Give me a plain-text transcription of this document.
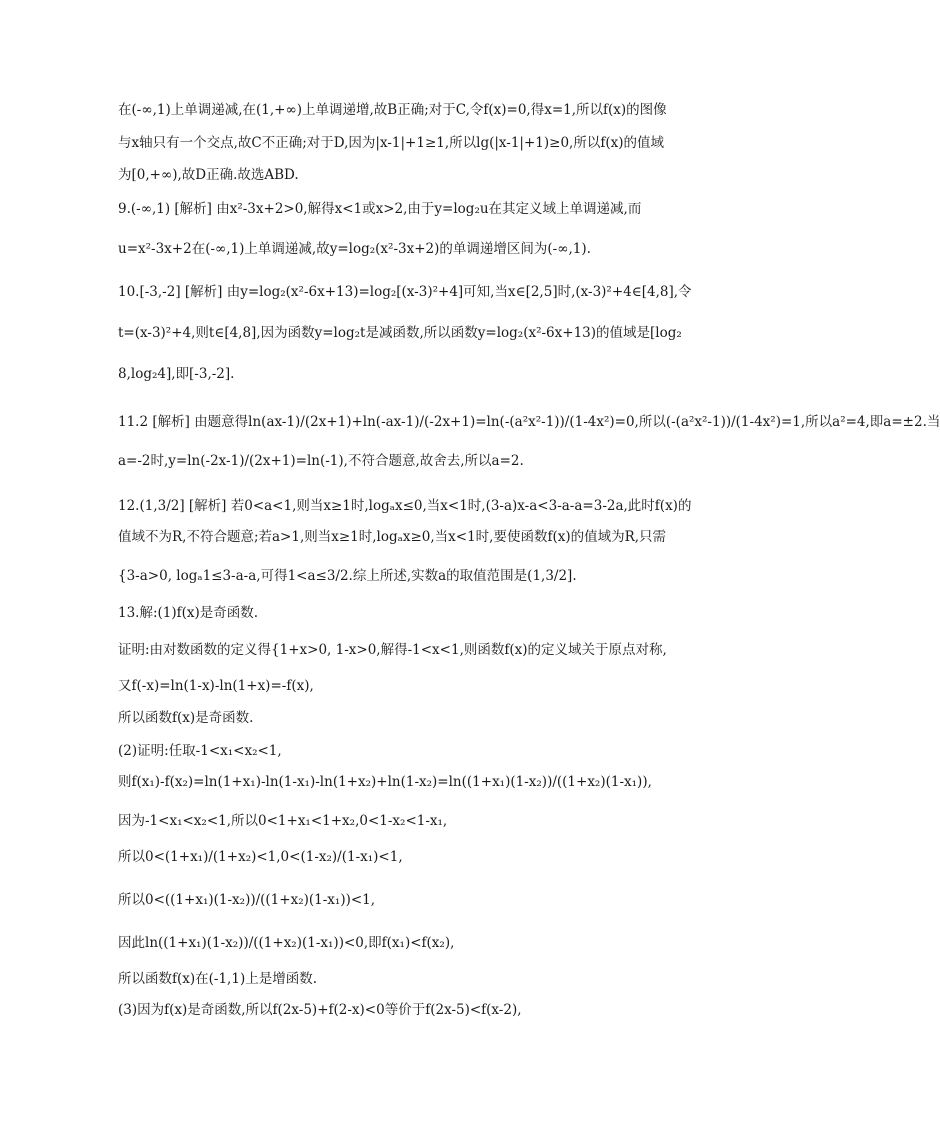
在(-∞,1)上单调递减,在(1,+∞)上单调递增,故B正确;对于C,令f(x)=0,得x=1,所以f(x)的图像
与x轴只有一个交点,故C不正确;对于D,因为|x-1|+1≥1,所以lg(|x-1|+1)≥0,所以f(x)的值域
为[0,+∞),故D正确.故选ABD.
9.(-∞,1) [解析] 由x²-3x+2>0,解得x<1或x>2,由于y=log₂u在其定义域上单调递减,而
u=x²-3x+2在(-∞,1)上单调递减,故y=log₂(x²-3x+2)的单调递增区间为(-∞,1).
10.[-3,-2] [解析] 由y=log₂(x²-6x+13)=log₂[(x-3)²+4]可知,当x∈[2,5]时,(x-3)²+4∈[4,8],令
t=(x-3)²+4,则t∈[4,8],因为函数y=log₂t是减函数,所以函数y=log₂(x²-6x+13)的值域是[log₂
8,log₂4],即[-3,-2].
11.2 [解析] 由题意得ln(ax-1)/(2x+1)+ln(-ax-1)/(-2x+1)=ln(-(a²x²-1))/(1-4x²)=0,所以(-(a²x²-1))/(1-4x²)=1,所以a²=4,即a=±2.当
a=-2时,y=ln(-2x-1)/(2x+1)=ln(-1),不符合题意,故舍去,所以a=2.
12.(1,3/2] [解析] 若0<a<1,则当x≥1时,logₐx≤0,当x<1时,(3-a)x-a<3-a-a=3-2a,此时f(x)的
值域不为R,不符合题意;若a>1,则当x≥1时,logₐx≥0,当x<1时,要使函数f(x)的值域为R,只需
{3-a>0, logₐ1≤3-a-a,可得1<a≤3/2.综上所述,实数a的取值范围是(1,3/2].
13.解:(1)f(x)是奇函数.
证明:由对数函数的定义得{1+x>0, 1-x>0,解得-1<x<1,则函数f(x)的定义域关于原点对称,
又f(-x)=ln(1-x)-ln(1+x)=-f(x),
所以函数f(x)是奇函数.
(2)证明:任取-1<x₁<x₂<1,
则f(x₁)-f(x₂)=ln(1+x₁)-ln(1-x₁)-ln(1+x₂)+ln(1-x₂)=ln((1+x₁)(1-x₂))/((1+x₂)(1-x₁)),
因为-1<x₁<x₂<1,所以0<1+x₁<1+x₂,0<1-x₂<1-x₁,
所以0<(1+x₁)/(1+x₂)<1,0<(1-x₂)/(1-x₁)<1,
所以0<((1+x₁)(1-x₂))/((1+x₂)(1-x₁))<1,
因此ln((1+x₁)(1-x₂))/((1+x₂)(1-x₁))<0,即f(x₁)<f(x₂),
所以函数f(x)在(-1,1)上是增函数.
(3)因为f(x)是奇函数,所以f(2x-5)+f(2-x)<0等价于f(2x-5)<f(x-2),
